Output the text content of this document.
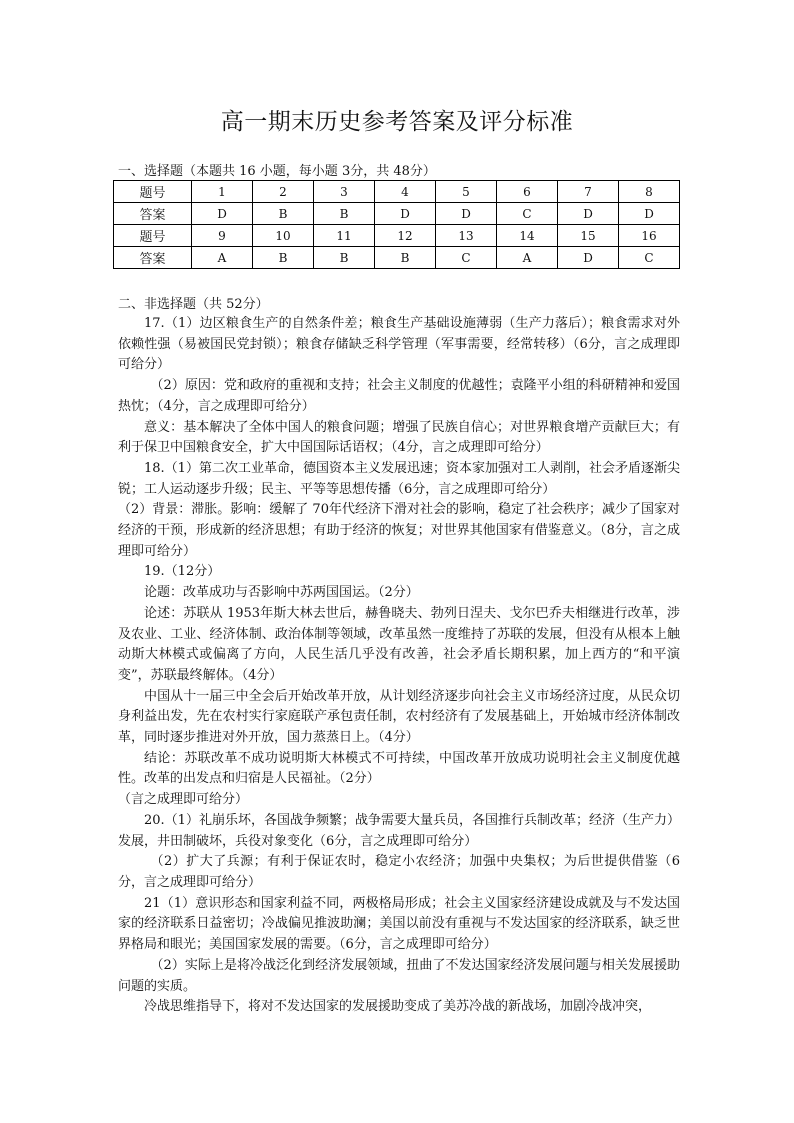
高一期末历史参考答案及评分标准
一、选择题（本题共 16 小题，每小题 3分，共 48分）
题号	1	2	3	4	5	6	7	8
答案	D	B	B	D	D	C	D	D
题号	9	10	11	12	13	14	15	16
答案	A	B	B	B	C	A	D	C
二、非选择题（共 52分）

17.（1）边区粮食生产的自然条件差；粮食生产基础设施薄弱（生产力落后）；粮食需求对外依赖性强（易被国民党封锁）；粮食存储缺乏科学管理（军事需要，经常转移）（6分，言之成理即可给分）

（2）原因：党和政府的重视和支持；社会主义制度的优越性；袁隆平小组的科研精神和爱国热忱；（4分，言之成理即可给分）

意义：基本解决了全体中国人的粮食问题；增强了民族自信心；对世界粮食增产贡献巨大；有利于保卫中国粮食安全，扩大中国国际话语权；（4分，言之成理即可给分）

18.（1）第二次工业革命，德国资本主义发展迅速；资本家加强对工人剥削，社会矛盾逐渐尖锐；工人运动逐步升级；民主、平等等思想传播（6分，言之成理即可给分）

（2）背景：滞胀。影响：缓解了 70年代经济下滑对社会的影响，稳定了社会秩序；减少了国家对经济的干预，形成新的经济思想；有助于经济的恢复；对世界其他国家有借鉴意义。（8分，言之成理即可给分）

19.（12分）

论题：改革成功与否影响中苏两国国运。（2分）

论述：苏联从 1953年斯大林去世后，赫鲁晓夫、勃列日涅夫、戈尔巴乔夫相继进行改革，涉及农业、工业、经济体制、政治体制等领域，改革虽然一度维持了苏联的发展，但没有从根本上触动斯大林模式或偏离了方向，人民生活几乎没有改善，社会矛盾长期积累，加上西方的“和平演变”，苏联最终解体。（4分）

中国从十一届三中全会后开始改革开放，从计划经济逐步向社会主义市场经济过度，从民众切身利益出发，先在农村实行家庭联产承包责任制，农村经济有了发展基础上，开始城市经济体制改革，同时逐步推进对外开放，国力蒸蒸日上。（4分）

结论：苏联改革不成功说明斯大林模式不可持续，中国改革开放成功说明社会主义制度优越性。改革的出发点和归宿是人民福祉。（2分）

（言之成理即可给分）

20.（1）礼崩乐坏，各国战争频繁；战争需要大量兵员，各国推行兵制改革；经济（生产力）发展，井田制破坏，兵役对象变化（6分，言之成理即可给分）

（2）扩大了兵源；有利于保证农时，稳定小农经济；加强中央集权；为后世提供借鉴（6分，言之成理即可给分）

21（1）意识形态和国家利益不同，两极格局形成；社会主义国家经济建设成就及与不发达国家的经济联系日益密切；冷战偏见推波助澜；美国以前没有重视与不发达国家的经济联系，缺乏世界格局和眼光；美国国家发展的需要。（6分，言之成理即可给分）

（2）实际上是将冷战泛化到经济发展领域，扭曲了不发达国家经济发展问题与相关发展援助问题的实质。

冷战思维指导下，将对不发达国家的发展援助变成了美苏冷战的新战场，加剧冷战冲突，
